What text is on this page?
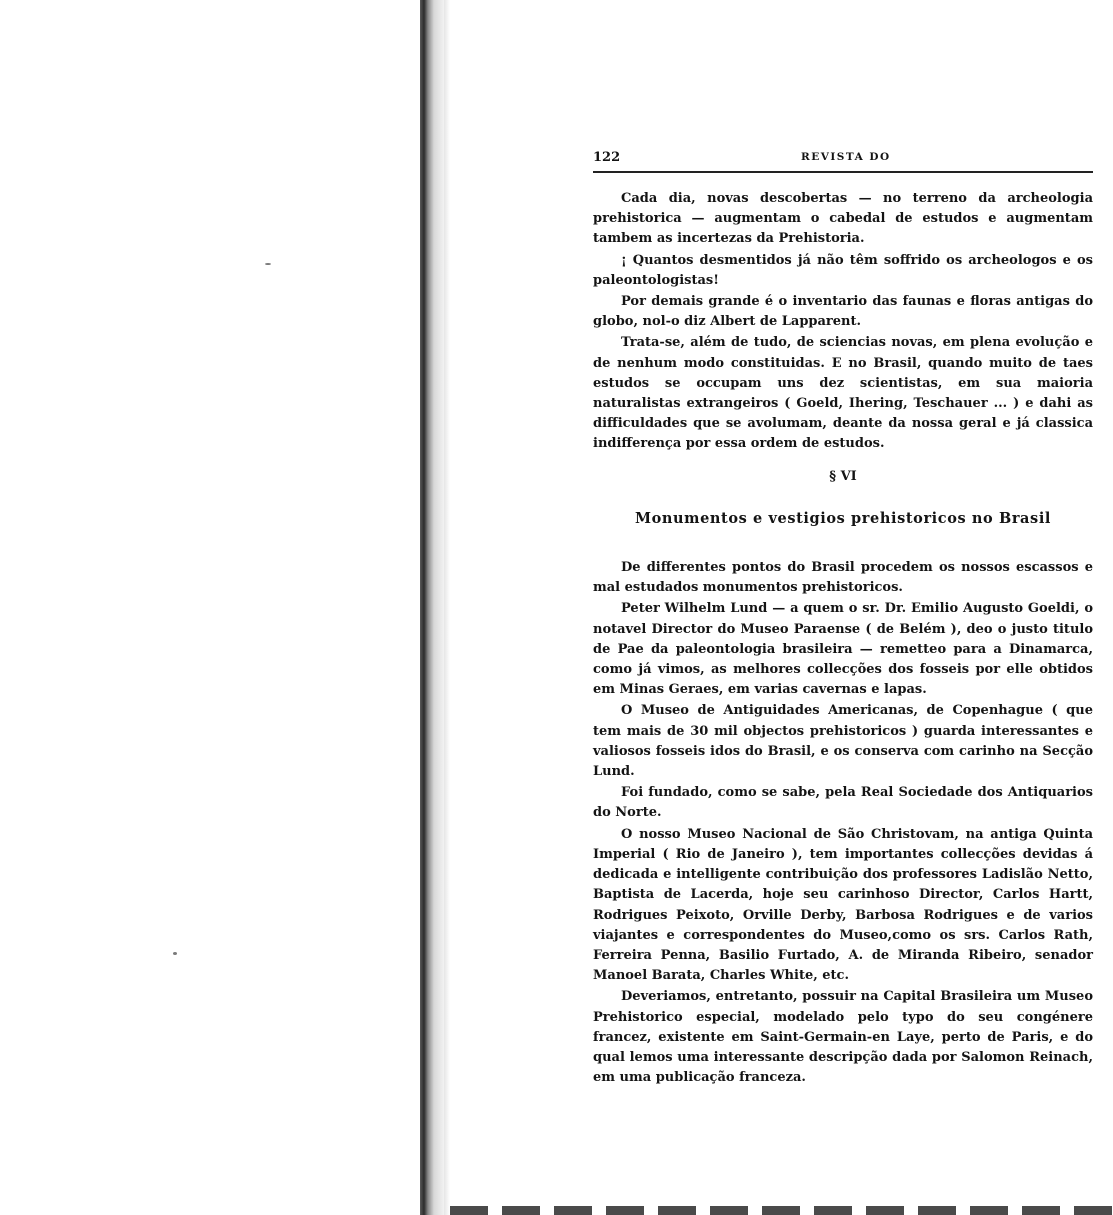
122	REVISTA DO

Cada dia, novas descobertas — no terreno da archeologia prehistorica — augmentam o cabedal de estudos e augmentam tambem as incertezas da Prehistoria.

¡ Quantos desmentidos já não têm soffrido os archeologos e os paleontologistas!

Por demais grande é o inventario das faunas e floras antigas do globo, nol-o diz Albert de Lapparent.

Trata-se, além de tudo, de sciencias novas, em plena evolução e de nenhum modo constituidas. E no Brasil, quando muito de taes estudos se occupam uns dez scientistas, em sua maioria naturalistas extrangeiros ( Goeld, Ihering, Teschauer ... ) e dahi as difficuldades que se avolumam, deante da nossa geral e já classica indifferença por essa ordem de estudos.

§ VI

Monumentos e vestigios prehistoricos no Brasil

De differentes pontos do Brasil procedem os nossos escassos e mal estudados monumentos prehistoricos.

Peter Wilhelm Lund — a quem o sr. Dr. Emilio Augusto Goeldi, o notavel Director do Museo Paraense ( de Belém ), deo o justo titulo de Pae da paleontologia brasileira — remetteo para a Dinamarca, como já vimos, as melhores collecções dos fosseis por elle obtidos em Minas Geraes, em varias cavernas e lapas.

O Museo de Antiguidades Americanas, de Copenhague ( que tem mais de 30 mil objectos prehistoricos ) guarda interessantes e valiosos fosseis idos do Brasil, e os conserva com carinho na Secção Lund.

Foi fundado, como se sabe, pela Real Sociedade dos Antiquarios do Norte.

O nosso Museo Nacional de São Christovam, na antiga Quinta Imperial ( Rio de Janeiro ), tem importantes collecções devidas á dedicada e intelligente contribuição dos professores Ladislão Netto, Baptista de Lacerda, hoje seu carinhoso Director, Carlos Hartt, Rodrigues Peixoto, Orville Derby, Barbosa Rodrigues e de varios viajantes e correspondentes do Museo,como os srs. Carlos Rath, Ferreira Penna, Basilio Furtado, A. de Miranda Ribeiro, senador Manoel Barata, Charles White, etc.

Deveriamos, entretanto, possuir na Capital Brasileira um Museo Prehistorico especial, modelado pelo typo do seu congénere francez, existente em Saint-Germain-en Laye, perto de Paris, e do qual lemos uma interessante descripção dada por Salomon Reinach, em uma publicação franceza.
